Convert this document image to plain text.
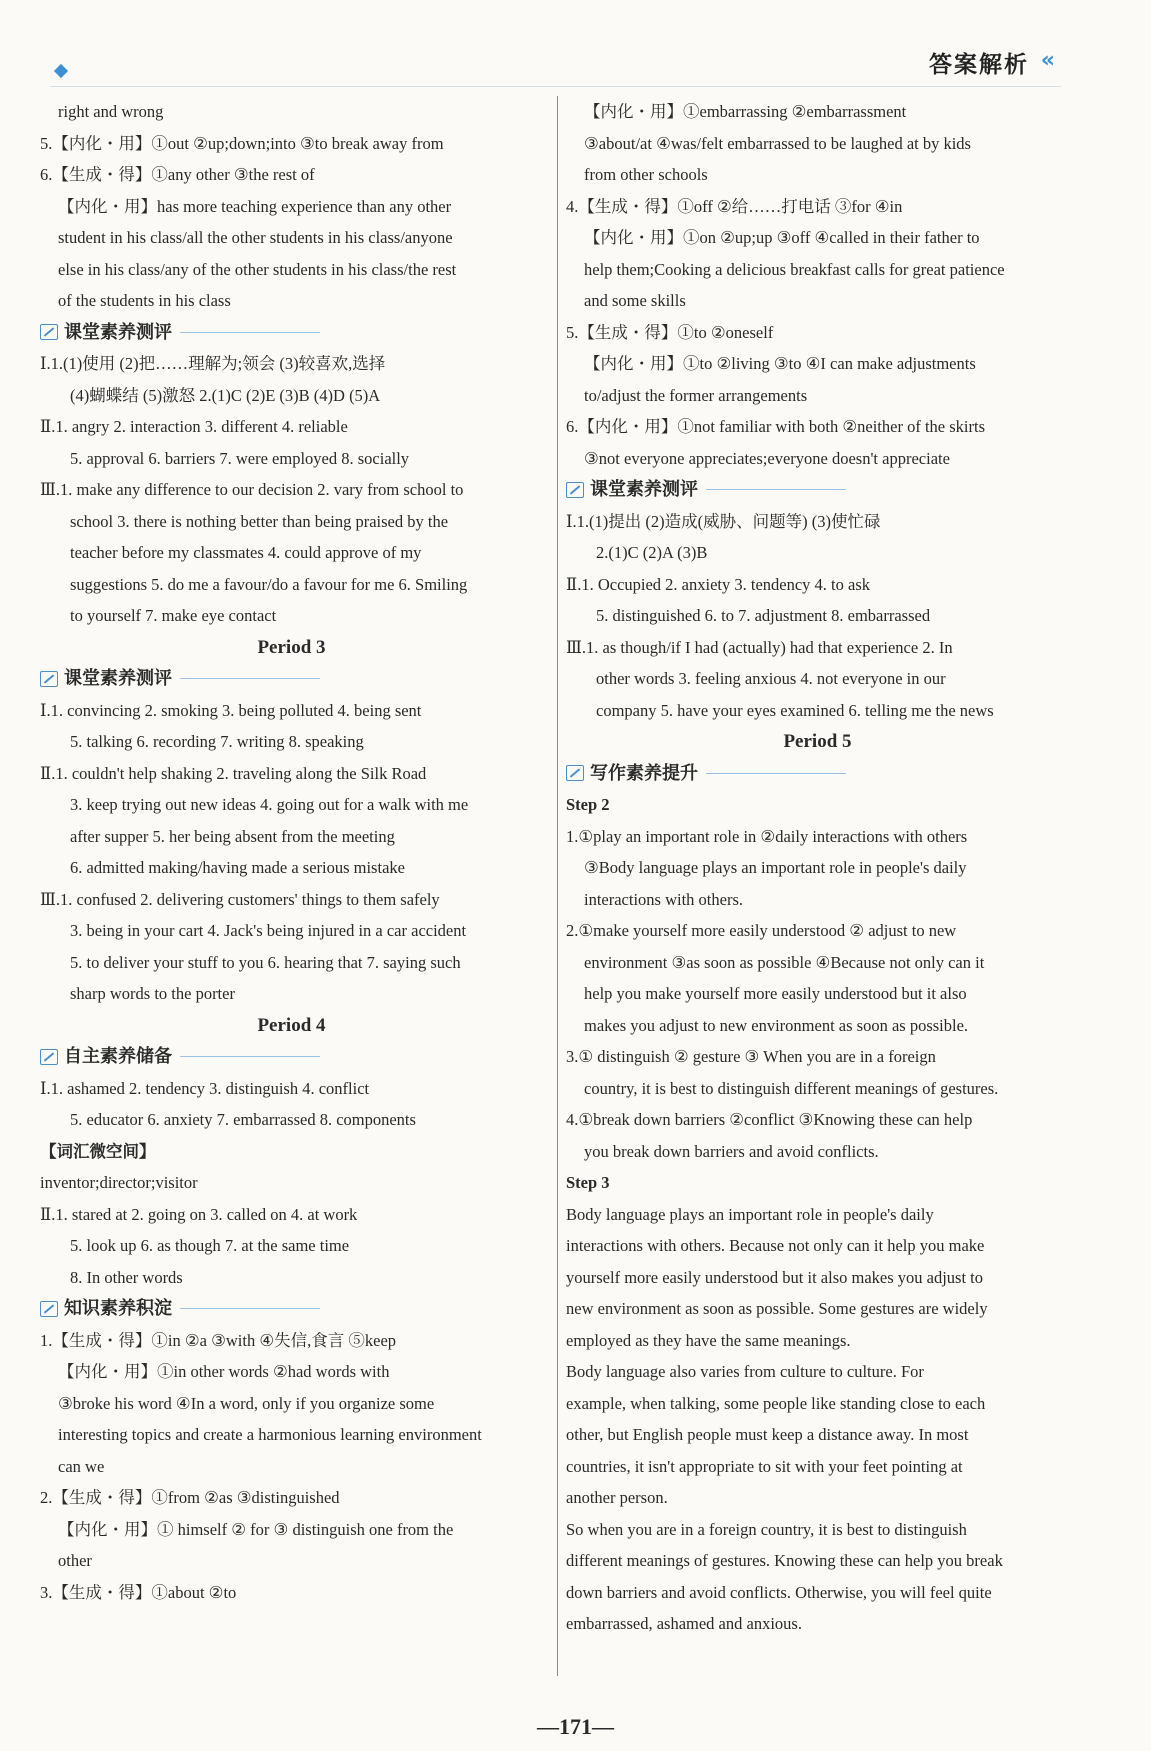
答案解析 «
right and wrong
5.【内化・用】①out ②up;down;into ③to break away from
6.【生成・得】①any other ③the rest of
【内化・用】has more teaching experience than any other
student in his class/all the other students in his class/anyone
else in his class/any of the other students in his class/the rest
of the students in his class
课堂素养测评
Ⅰ.1.(1)使用 (2)把……理解为;领会 (3)较喜欢,选择
(4)蝴蝶结 (5)激怒 2.(1)C (2)E (3)B (4)D (5)A
Ⅱ.1. angry 2. interaction 3. different 4. reliable
5. approval 6. barriers 7. were employed 8. socially
Ⅲ.1. make any difference to our decision 2. vary from school to
school 3. there is nothing better than being praised by the
teacher before my classmates 4. could approve of my
suggestions 5. do me a favour/do a favour for me 6. Smiling
to yourself 7. make eye contact
Period 3
课堂素养测评
Ⅰ.1. convincing 2. smoking 3. being polluted 4. being sent
5. talking 6. recording 7. writing 8. speaking
Ⅱ.1. couldn't help shaking 2. traveling along the Silk Road
3. keep trying out new ideas 4. going out for a walk with me
after supper 5. her being absent from the meeting
6. admitted making/having made a serious mistake
Ⅲ.1. confused 2. delivering customers' things to them safely
3. being in your cart 4. Jack's being injured in a car accident
5. to deliver your stuff to you 6. hearing that 7. saying such
sharp words to the porter
Period 4
自主素养储备
Ⅰ.1. ashamed 2. tendency 3. distinguish 4. conflict
5. educator 6. anxiety 7. embarrassed 8. components
【词汇微空间】
inventor;director;visitor
Ⅱ.1. stared at 2. going on 3. called on 4. at work
5. look up 6. as though 7. at the same time
8. In other words
知识素养积淀
1.【生成・得】①in ②a ③with ④失信,食言 ⑤keep
【内化・用】①in other words ②had words with
③broke his word ④In a word, only if you organize some
interesting topics and create a harmonious learning environment
can we
2.【生成・得】①from ②as ③distinguished
【内化・用】① himself ② for ③ distinguish one from the
other
3.【生成・得】①about ②to
【内化・用】①embarrassing ②embarrassment
③about/at ④was/felt embarrassed to be laughed at by kids
from other schools
4.【生成・得】①off ②给……打电话 ③for ④in
【内化・用】①on ②up;up ③off ④called in their father to
help them;Cooking a delicious breakfast calls for great patience
and some skills
5.【生成・得】①to ②oneself
【内化・用】①to ②living ③to ④I can make adjustments
to/adjust the former arrangements
6.【内化・用】①not familiar with both ②neither of the skirts
③not everyone appreciates;everyone doesn't appreciate
课堂素养测评
Ⅰ.1.(1)提出 (2)造成(威胁、问题等) (3)使忙碌
2.(1)C (2)A (3)B
Ⅱ.1. Occupied 2. anxiety 3. tendency 4. to ask
5. distinguished 6. to 7. adjustment 8. embarrassed
Ⅲ.1. as though/if I had (actually) had that experience 2. In
other words 3. feeling anxious 4. not everyone in our
company 5. have your eyes examined 6. telling me the news
Period 5
写作素养提升
Step 2
1.①play an important role in ②daily interactions with others
③Body language plays an important role in people's daily
interactions with others.
2.①make yourself more easily understood ② adjust to new
environment ③as soon as possible ④Because not only can it
help you make yourself more easily understood but it also
makes you adjust to new environment as soon as possible.
3.① distinguish ② gesture ③ When you are in a foreign
country, it is best to distinguish different meanings of gestures.
4.①break down barriers ②conflict ③Knowing these can help
you break down barriers and avoid conflicts.
Step 3
Body language plays an important role in people's daily
interactions with others. Because not only can it help you make
yourself more easily understood but it also makes you adjust to
new environment as soon as possible. Some gestures are widely
employed as they have the same meanings.
Body language also varies from culture to culture. For
example, when talking, some people like standing close to each
other, but English people must keep a distance away. In most
countries, it isn't appropriate to sit with your feet pointing at
another person.
So when you are in a foreign country, it is best to distinguish
different meanings of gestures. Knowing these can help you break
down barriers and avoid conflicts. Otherwise, you will feel quite
embarrassed, ashamed and anxious.
—171—
